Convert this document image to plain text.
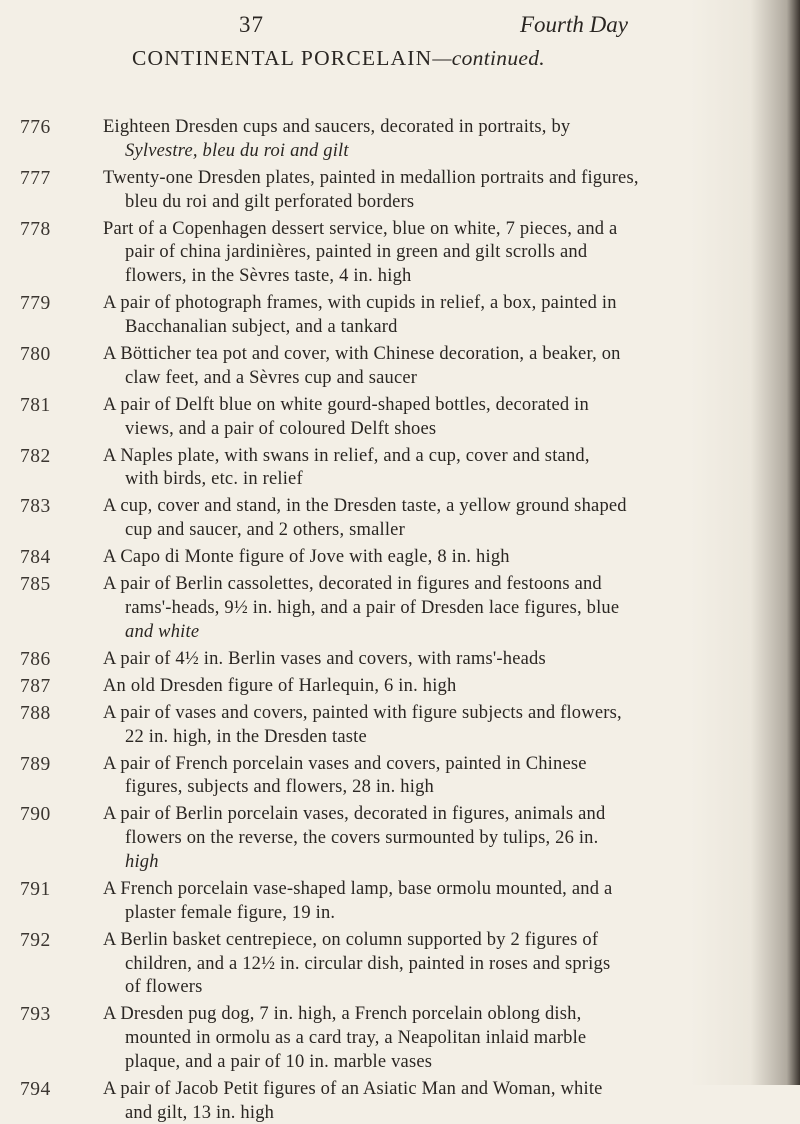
37	Fourth Day
CONTINENTAL PORCELAIN—continued.
776	Eighteen Dresden cups and saucers, decorated in portraits, by
Sylvestre, bleu du roi and gilt
777	Twenty-one Dresden plates, painted in medallion portraits and figures,
bleu du roi and gilt perforated borders
778	Part of a Copenhagen dessert service, blue on white, 7 pieces, and a
pair of china jardinières, painted in green and gilt scrolls and
flowers, in the Sèvres taste, 4 in. high
779	A pair of photograph frames, with cupids in relief, a box, painted in
Bacchanalian subject, and a tankard
780	A Bötticher tea pot and cover, with Chinese decoration, a beaker, on
claw feet, and a Sèvres cup and saucer
781	A pair of Delft blue on white gourd-shaped bottles, decorated in
views, and a pair of coloured Delft shoes
782	A Naples plate, with swans in relief, and a cup, cover and stand,
with birds, etc. in relief
783	A cup, cover and stand, in the Dresden taste, a yellow ground shaped
cup and saucer, and 2 others, smaller
784	A Capo di Monte figure of Jove with eagle, 8 in. high
785	A pair of Berlin cassolettes, decorated in figures and festoons and
rams'-heads, 9½ in. high, and a pair of Dresden lace figures, blue
and white
786	A pair of 4½ in. Berlin vases and covers, with rams'-heads
787	An old Dresden figure of Harlequin, 6 in. high
788	A pair of vases and covers, painted with figure subjects and flowers,
22 in. high, in the Dresden taste
789	A pair of French porcelain vases and covers, painted in Chinese
figures, subjects and flowers, 28 in. high
790	A pair of Berlin porcelain vases, decorated in figures, animals and
flowers on the reverse, the covers surmounted by tulips, 26 in.
high
791	A French porcelain vase-shaped lamp, base ormolu mounted, and a
plaster female figure, 19 in.
792	A Berlin basket centrepiece, on column supported by 2 figures of
children, and a 12½ in. circular dish, painted in roses and sprigs
of flowers
793	A Dresden pug dog, 7 in. high, a French porcelain oblong dish,
mounted in ormolu as a card tray, a Neapolitan inlaid marble
plaque, and a pair of 10 in. marble vases
794	A pair of Jacob Petit figures of an Asiatic Man and Woman, white
and gilt, 13 in. high
